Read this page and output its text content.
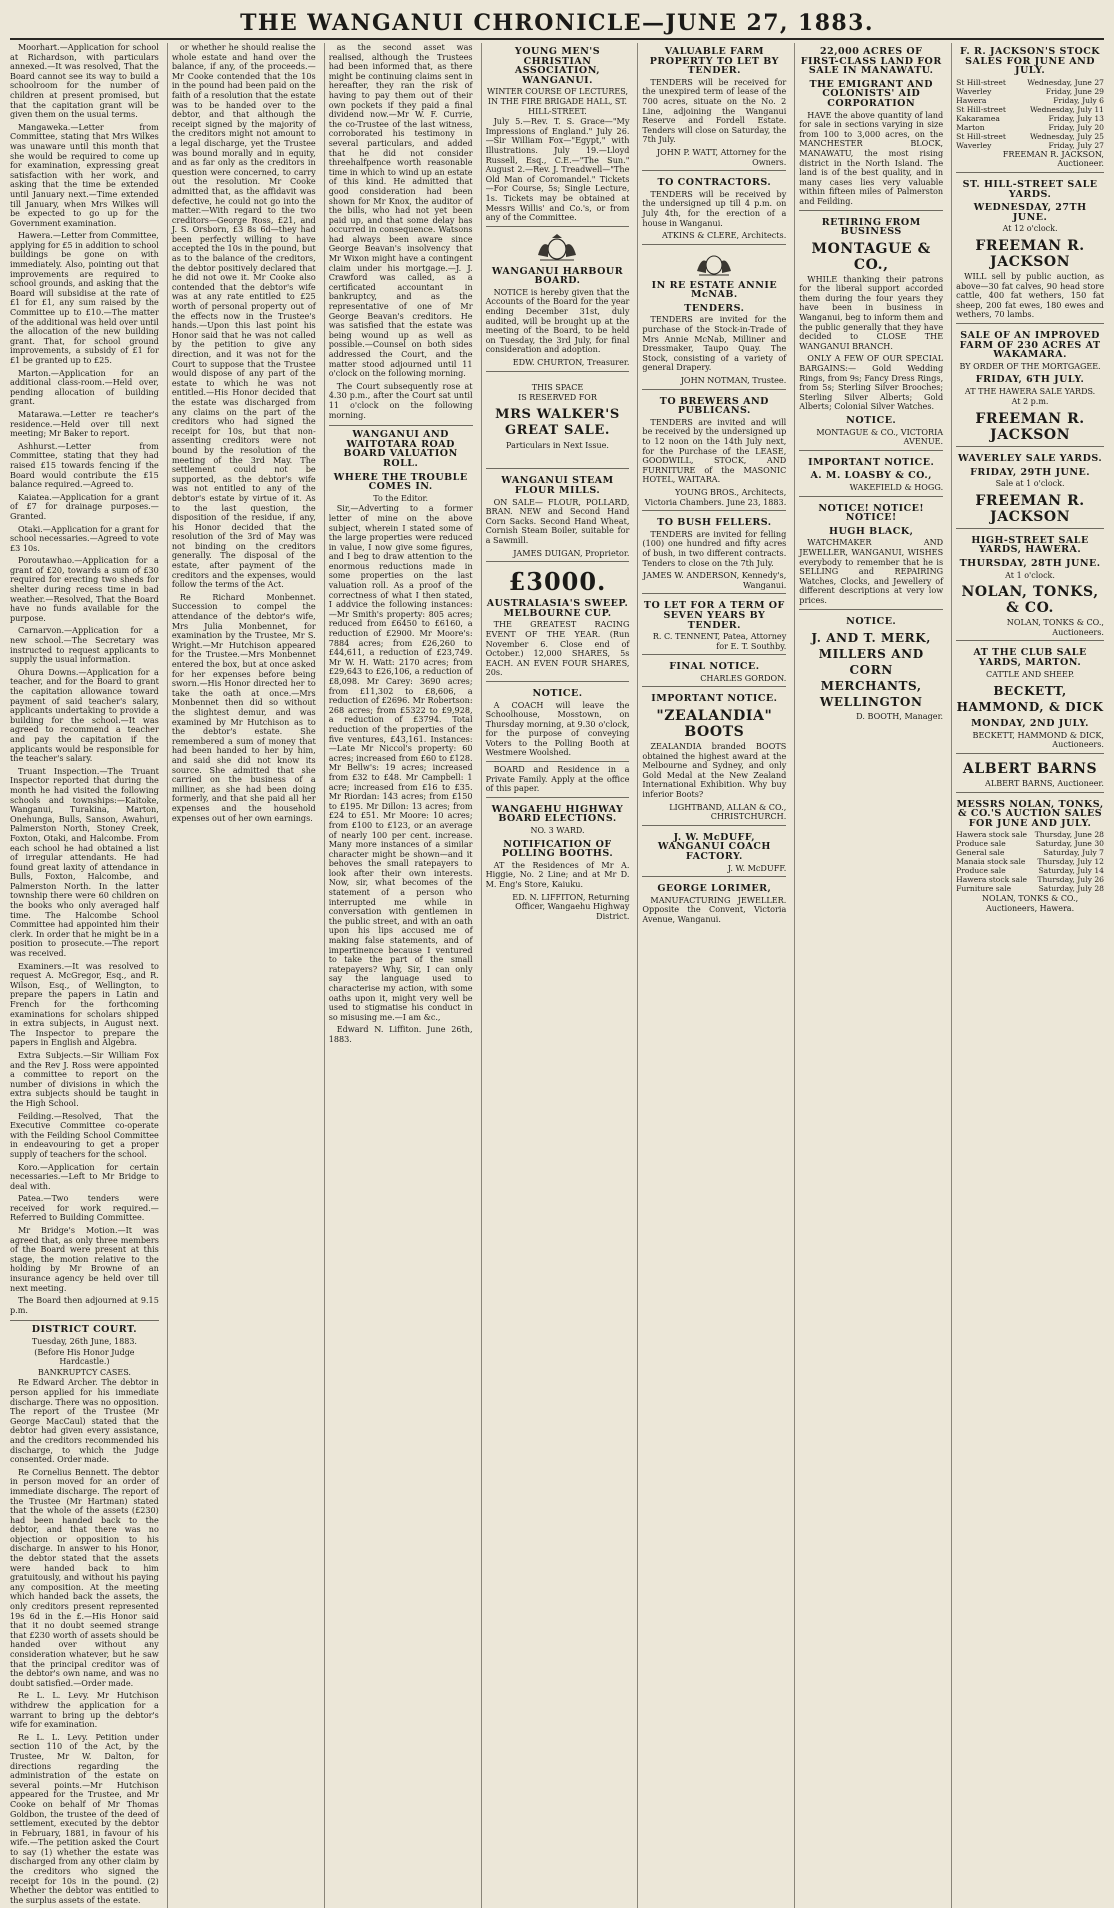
THE WANGANUI CHRONICLE—JUNE 27, 1883.

Moorhart.—Application for school at Richardson, with particulars annexed.—It was resolved, That the Board cannot see its way to build a schoolroom for the number of children at present promised, but that the capitation grant will be given them on the usual terms.

Mangaweka.—Letter from Committee, stating that Mrs Wilkes was unaware until this month that she would be required to come up for examination, expressing great satisfaction with her work, and asking that the time be extended until January next.—Time extended till January, when Mrs Wilkes will be expected to go up for the Government examination.

Hawera.—Letter from Committee, applying for £5 in addition to school buildings be gone on with immediately. Also, pointing out that improvements are required to school grounds, and asking that the Board will subsidise at the rate of £1 for £1, any sum raised by the Committee up to £10.—The matter of the additional was held over until the allocation of the new building grant. That, for school ground improvements, a subsidy of £1 for £1 be granted up to £25.

Marton.—Application for an additional class-room.—Held over, pending allocation of building grant.

Matarawa.—Letter re teacher's residence.—Held over till next meeting; Mr Baker to report.

Ashhurst.—Letter from Committee, stating that they had raised £15 towards fencing if the Board would contribute the £15 balance required.—Agreed to.

Kaiatea.—Application for a grant of £7 for drainage purposes.—Granted.

Otaki.—Application for a grant for school necessaries.—Agreed to vote £3 10s.

Poroutawhao.—Application for a grant of £20, towards a sum of £30 required for erecting two sheds for shelter during recess time in bad weather.—Resolved, That the Board have no funds available for the purpose.

Carnarvon.—Application for a new school.—The Secretary was instructed to request applicants to supply the usual information.

Ohura Downs.—Application for a teacher, and for the Board to grant the capitation allowance toward payment of said teacher's salary, applicants undertaking to provide a building for the school.—It was agreed to recommend a teacher and pay the capitation if the applicants would be responsible for the teacher's salary.

Truant Inspection.—The Truant Inspector reported that during the month he had visited the following schools and townships:—Kaitoke, Wanganui, Turakina, Marton, Onehunga, Bulls, Sanson, Awahuri, Palmerston North, Stoney Creek, Foxton, Otaki, and Halcombe. From each school he had obtained a list of irregular attendants. He had found great laxity of attendance in Bulls, Foxton, Halcombe, and Palmerston North. In the latter township there were 60 children on the books who only averaged half time. The Halcombe School Committee had appointed him their clerk. In order that he might be in a position to prosecute.—The report was received.

Examiners.—It was resolved to request A. McGregor, Esq., and R. Wilson, Esq., of Wellington, to prepare the papers in Latin and French for the forthcoming examinations for scholars shipped in extra subjects, in August next. The Inspector to prepare the papers in English and Algebra.

Extra Subjects.—Sir William Fox and the Rev J. Ross were appointed a committee to report on the number of divisions in which the extra subjects should be taught in the High School.

Feilding.—Resolved, That the Executive Committee co-operate with the Feilding School Committee in endeavouring to get a proper supply of teachers for the school.

Koro.—Application for certain necessaries.—Left to Mr Bridge to deal with.

Patea.—Two tenders were received for work required.—Referred to Building Committee.

Mr Bridge's Motion.—It was agreed that, as only three members of the Board were present at this stage, the motion relative to the holding by Mr Browne of an insurance agency be held over till next meeting.

The Board then adjourned at 9.15 p.m.

DISTRICT COURT.
Tuesday, 26th June, 1883.
(Before His Honor Judge Hardcastle.)
BANKRUPTCY CASES.

Re Edward Archer. The debtor in person applied for his immediate discharge. There was no opposition. The report of the Trustee (Mr George MacCaul) stated that the debtor had given every assistance, and the creditors recommended his discharge, to which the Judge consented. Order made.

Re Cornelius Bennett. The debtor in person moved for an order of immediate discharge. The report of the Trustee (Mr Hartman) stated that the whole of the assets (£230) had been handed back to the debtor, and that there was no objection or opposition to his discharge. In answer to his Honor, the debtor stated that the assets were handed back to him gratuitously, and without his paying any composition. At the meeting which handed back the assets, the only creditors present represented 19s 6d in the £.—His Honor said that it no doubt seemed strange that £230 worth of assets should be handed over without any consideration whatever, but he saw that the principal creditor was of the debtor's own name, and was no doubt satisfied.—Order made.

Re L. L. Levy. Mr Hutchison withdrew the application for a warrant to bring up the debtor's wife for examination.

Re L. L. Levy. Petition under section 110 of the Act, by the Trustee, Mr W. Dalton, for directions regarding the administration of the estate on several points.—Mr Hutchison appeared for the Trustee, and Mr Cooke on behalf of Mr Thomas Goldbon, the trustee of the deed of settlement, executed by the debtor in February, 1881, in favour of his wife.—The petition asked the Court to say (1) whether the estate was discharged from any other claim by the creditors who signed the receipt for 10s in the pound. (2) Whether the debtor was entitled to the surplus assets of the estate.

or whether he should realise the whole estate and hand over the balance, if any, of the proceeds.—Mr Cooke contended that the 10s in the pound had been paid on the faith of a resolution that the estate was to be handed over to the debtor, and that although the receipt signed by the majority of the creditors might not amount to a legal discharge, yet the Trustee was bound morally and in equity, and as far only as the creditors in question were concerned, to carry out the resolution. Mr Cooke admitted that, as the affidavit was defective, he could not go into the matter.—With regard to the two creditors—George Ross, £21, and J. S. Orsborn, £3 8s 6d—they had been perfectly willing to have accepted the 10s in the pound, but as to the balance of the creditors, the debtor positively declared that he did not owe it. Mr Cooke also contended that the debtor's wife was at any rate entitled to £25 worth of personal property out of the effects now in the Trustee's hands.—Upon this last point his Honor said that he was not called by the petition to give any direction, and it was not for the Court to suppose that the Trustee would dispose of any part of the estate to which he was not entitled.—His Honor decided that the estate was discharged from any claims on the part of the creditors who had signed the receipt for 10s, but that non-assenting creditors were not bound by the resolution of the meeting of the 3rd May. The settlement could not be supported, as the debtor's wife was not entitled to any of the debtor's estate by virtue of it. As to the last question, the disposition of the residue, if any, his Honor decided that the resolution of the 3rd of May was not binding on the creditors generally. The disposal of the estate, after payment of the creditors and the expenses, would follow the terms of the Act.

Re Richard Monbennet. Succession to compel the attendance of the debtor's wife, Mrs Julia Monbennet, for examination by the Trustee, Mr S. Wright.—Mr Hutchison appeared for the Trustee.—Mrs Monbennet entered the box, but at once asked for her expenses before being sworn.—His Honor directed her to take the oath at once.—Mrs Monbennet then did so without the slightest demur, and was examined by Mr Hutchison as to the debtor's estate. She remembered a sum of money that had been handed to her by him, and said she did not know its source. She admitted that she carried on the business of a milliner, as she had been doing formerly, and that she paid all her expenses and the household expenses out of her own earnings.

as the second asset was realised, although the Trustees had been informed that, as there might be continuing claims sent in hereafter, they ran the risk of having to pay them out of their own pockets if they paid a final dividend now.—Mr W. F. Currie, the co-Trustee of the last witness, corroborated his testimony in several particulars, and added that he did not consider threehalfpence worth reasonable time in which to wind up an estate of this kind. He admitted that good consideration had been shown for Mr Knox, the auditor of the bills, who had not yet been paid up, and that some delay has occurred in consequence. Watsons had always been aware since George Beavan's insolvency that Mr Wixon might have a contingent claim under his mortgage.—J. J. Crawford was called, as a certificated accountant in bankruptcy, and as the representative of one of Mr George Beavan's creditors. He was satisfied that the estate was being wound up as well as possible.—Counsel on both sides addressed the Court, and the matter stood adjourned until 11 o'clock on the following morning.

The Court subsequently rose at 4.30 p.m., after the Court sat until 11 o'clock on the following morning.

WANGANUI AND WAITOTARA ROAD BOARD VALUATION ROLL.
WHERE THE TROUBLE COMES IN.
To the Editor.

Sir,—Adverting to a former letter of mine on the above subject, wherein I stated some of the large properties were reduced in value, I now give some figures, and I beg to draw attention to the enormous reductions made in some properties on the last valuation roll. As a proof of the correctness of what I then stated, I addvice the following instances:—Mr Smith's property: 805 acres; reduced from £6450 to £6160, a reduction of £2900. Mr Moore's: 7884 acres; from £26,260 to £44,611, a reduction of £23,749. Mr W. H. Watt: 2170 acres; from £29,643 to £26,106, a reduction of £8,098. Mr Carey: 3690 acres; from £11,302 to £8,606, a reduction of £2696. Mr Robertson: 268 acres; from £5322 to £9,928, a reduction of £3794. Total reduction of the properties of the five ventures, £43,161. Instances:—Late Mr Niccol's property: 60 acres; increased from £60 to £128. Mr Bellw's: 19 acres; increased from £32 to £48. Mr Campbell: 1 acre; increased from £16 to £35. Mr Riordan: 143 acres; from £150 to £195. Mr Dillon: 13 acres; from £24 to £51. Mr Moore: 10 acres; from £100 to £123, or an average of nearly 100 per cent. increase. Many more instances of a similar character might be shown—and it behoves the small ratepayers to look after their own interests. Now, sir, what becomes of the statement of a person who interrupted me while in conversation with gentlemen in the public street, and with an oath upon his lips accused me of making false statements, and of impertinence because I ventured to take the part of the small ratepayers? Why, Sir, I can only say the language used to characterise my action, with some oaths upon it, might very well be used to stigmatise his conduct in so misusing me.—I am &c.,

Edward N. Liffiton. June 26th, 1883.

YOUNG MEN'S CHRISTIAN ASSOCIATION, WANGANUI.
WINTER COURSE OF LECTURES, IN THE FIRE BRIGADE HALL, ST. HILL-STREET.

July 5.—Rev. T. S. Grace—"My Impressions of England." July 26.—Sir William Fox—"Egypt," with Illustrations. July 19.—Lloyd Russell, Esq., C.E.—"The Sun." August 2.—Rev. J. Treadwell—"The Old Man of Coromandel." Tickets—For Course, 5s; Single Lecture, 1s. Tickets may be obtained at Messrs Willis' and Co.'s, or from any of the Committee.

WANGANUI HARBOUR BOARD.

NOTICE is hereby given that the Accounts of the Board for the year ending December 31st, duly audited, will be brought up at the meeting of the Board, to be held on Tuesday, the 3rd July, for final consideration and adoption.

EDW. CHURTON, Treasurer.
THIS SPACE
IS RESERVED FOR
MRS WALKER'S GREAT SALE.
Particulars in Next Issue.
WANGANUI STEAM FLOUR MILLS.

ON SALE— FLOUR, POLLARD, BRAN. NEW and Second Hand Corn Sacks. Second Hand Wheat, Cornish Steam Boiler, suitable for a Sawmill.

JAMES DUIGAN, Proprietor.
£3000.
AUSTRALASIA'S SWEEP. MELBOURNE CUP.

THE GREATEST RACING EVENT OF THE YEAR. (Run November 6. Close end of October.) 12,000 SHARES, 5s EACH. AN EVEN FOUR SHARES, 20s.

NOTICE.

A COACH will leave the Schoolhouse, Mosstown, on Thursday morning, at 9.30 o'clock, for the purpose of conveying Voters to the Polling Booth at Westmere Woolshed.

BOARD and Residence in a Private Family. Apply at the office of this paper.

WANGAEHU HIGHWAY BOARD ELECTIONS.
NO. 3 WARD.
NOTIFICATION OF POLLING BOOTHS.

AT the Residences of Mr A. Higgie, No. 2 Line; and at Mr D. M. Eng's Store, Kaiuku.

ED. N. LIFFITON, Returning Officer, Wangaehu Highway District.
VALUABLE FARM PROPERTY TO LET BY TENDER.

TENDERS will be received for the unexpired term of lease of the 700 acres, situate on the No. 2 Line, adjoining the Wanganui Reserve and Fordell Estate. Tenders will close on Saturday, the 7th July.

JOHN P. WATT, Attorney for the Owners.
TO CONTRACTORS.

TENDERS will be received by the undersigned up till 4 p.m. on July 4th, for the erection of a house in Wanganui.

ATKINS & CLERE, Architects.
IN RE ESTATE ANNIE McNAB.
TENDERS.

TENDERS are invited for the purchase of the Stock-in-Trade of Mrs Annie McNab, Milliner and Dressmaker, Taupo Quay. The Stock, consisting of a variety of general Drapery.

JOHN NOTMAN, Trustee.
TO BREWERS AND PUBLICANS.

TENDERS are invited and will be received by the undersigned up to 12 noon on the 14th July next, for the Purchase of the LEASE, GOODWILL, STOCK, AND FURNITURE of the MASONIC HOTEL, WAITARA.

YOUNG BROS., Architects, Victoria Chambers. June 23, 1883.
TO BUSH FELLERS.

TENDERS are invited for felling (100) one hundred and fifty acres of bush, in two different contracts. Tenders to close on the 7th July.

JAMES W. ANDERSON, Kennedy's, Wanganui.
TO LET FOR A TERM OF SEVEN YEARS BY TENDER.
R. C. TENNENT, Patea, Attorney for E. T. Southby.
FINAL NOTICE.
CHARLES GORDON.
IMPORTANT NOTICE.
"ZEALANDIA" BOOTS

ZEALANDIA branded BOOTS obtained the highest award at the Melbourne and Sydney, and only Gold Medal at the New Zealand International Exhibition. Why buy inferior Boots?

LIGHTBAND, ALLAN & CO., CHRISTCHURCH.
J. W. McDUFF, WANGANUI COACH FACTORY.
J. W. McDUFF.
GEORGE LORIMER,

MANUFACTURING JEWELLER. Opposite the Convent, Victoria Avenue, Wanganui.

22,000 ACRES OF FIRST-CLASS LAND FOR SALE IN MANAWATU.
THE EMIGRANT AND COLONISTS' AID CORPORATION

HAVE the above quantity of land for sale in sections varying in size from 100 to 3,000 acres, on the MANCHESTER BLOCK, MANAWATU, the most rising district in the North Island. The land is of the best quality, and in many cases lies very valuable within fifteen miles of Palmerston and Feilding.

RETIRING FROM BUSINESS
MONTAGUE & CO.,

WHILE thanking their patrons for the liberal support accorded them during the four years they have been in business in Wanganui, beg to inform them and the public generally that they have decided to CLOSE THE WANGANUI BRANCH.

ONLY A FEW OF OUR SPECIAL BARGAINS:— Gold Wedding Rings, from 9s; Fancy Dress Rings, from 5s; Sterling Silver Brooches; Sterling Silver Alberts; Gold Alberts; Colonial Silver Watches.

NOTICE.
MONTAGUE & CO., VICTORIA AVENUE.
IMPORTANT NOTICE.
A. M. LOASBY & CO.,
WAKEFIELD & HOGG.
NOTICE! NOTICE! NOTICE!
HUGH BLACK,

WATCHMAKER AND JEWELLER, WANGANUI, WISHES everybody to remember that he is SELLING and REPAIRING Watches, Clocks, and Jewellery of different descriptions at very low prices.

NOTICE.
J. AND T. MERK, MILLERS AND CORN MERCHANTS, WELLINGTON
D. BOOTH, Manager.
F. R. JACKSON'S STOCK SALES FOR JUNE AND JULY.
St Hill-street	Wednesday, June 27
Waverley	Friday, June 29
Hawera	Friday, July 6
St Hill-street	Wednesday, July 11
Kakaramea	Friday, July 13
Marton	Friday, July 20
St Hill-street	Wednesday, July 25
Waverley	Friday, July 27
FREEMAN R. JACKSON, Auctioneer.
ST. HILL-STREET SALE YARDS.
WEDNESDAY, 27TH JUNE.
At 12 o'clock.
FREEMAN R. JACKSON

WILL sell by public auction, as above—30 fat calves, 90 head store cattle, 400 fat wethers, 150 fat sheep, 200 fat ewes, 180 ewes and wethers, 70 lambs.

SALE OF AN IMPROVED FARM OF 230 ACRES AT WAKAMARA.
BY ORDER OF THE MORTGAGEE.
FRIDAY, 6TH JULY.
AT THE HAWERA SALE YARDS.
At 2 p.m.
FREEMAN R. JACKSON
WAVERLEY SALE YARDS.
FRIDAY, 29TH JUNE.
Sale at 1 o'clock.
FREEMAN R. JACKSON
HIGH-STREET SALE YARDS, HAWERA.
THURSDAY, 28TH JUNE.
At 1 o'clock.
NOLAN, TONKS, & CO.
NOLAN, TONKS & CO., Auctioneers.
AT THE CLUB SALE YARDS, MARTON.
CATTLE AND SHEEP.
BECKETT, HAMMOND, & DICK
MONDAY, 2ND JULY.
BECKETT, HAMMOND & DICK, Auctioneers.
ALBERT BARNS
ALBERT BARNS, Auctioneer.
MESSRS NOLAN, TONKS, & CO.'S AUCTION SALES FOR JUNE AND JULY.
Hawera stock sale	Thursday, June 28
Produce sale	Saturday, June 30
General sale	Saturday, July 7
Manaia stock sale	Thursday, July 12
Produce sale	Saturday, July 14
Hawera stock sale	Thursday, July 26
Furniture sale	Saturday, July 28
NOLAN, TONKS & CO., Auctioneers, Hawera.
